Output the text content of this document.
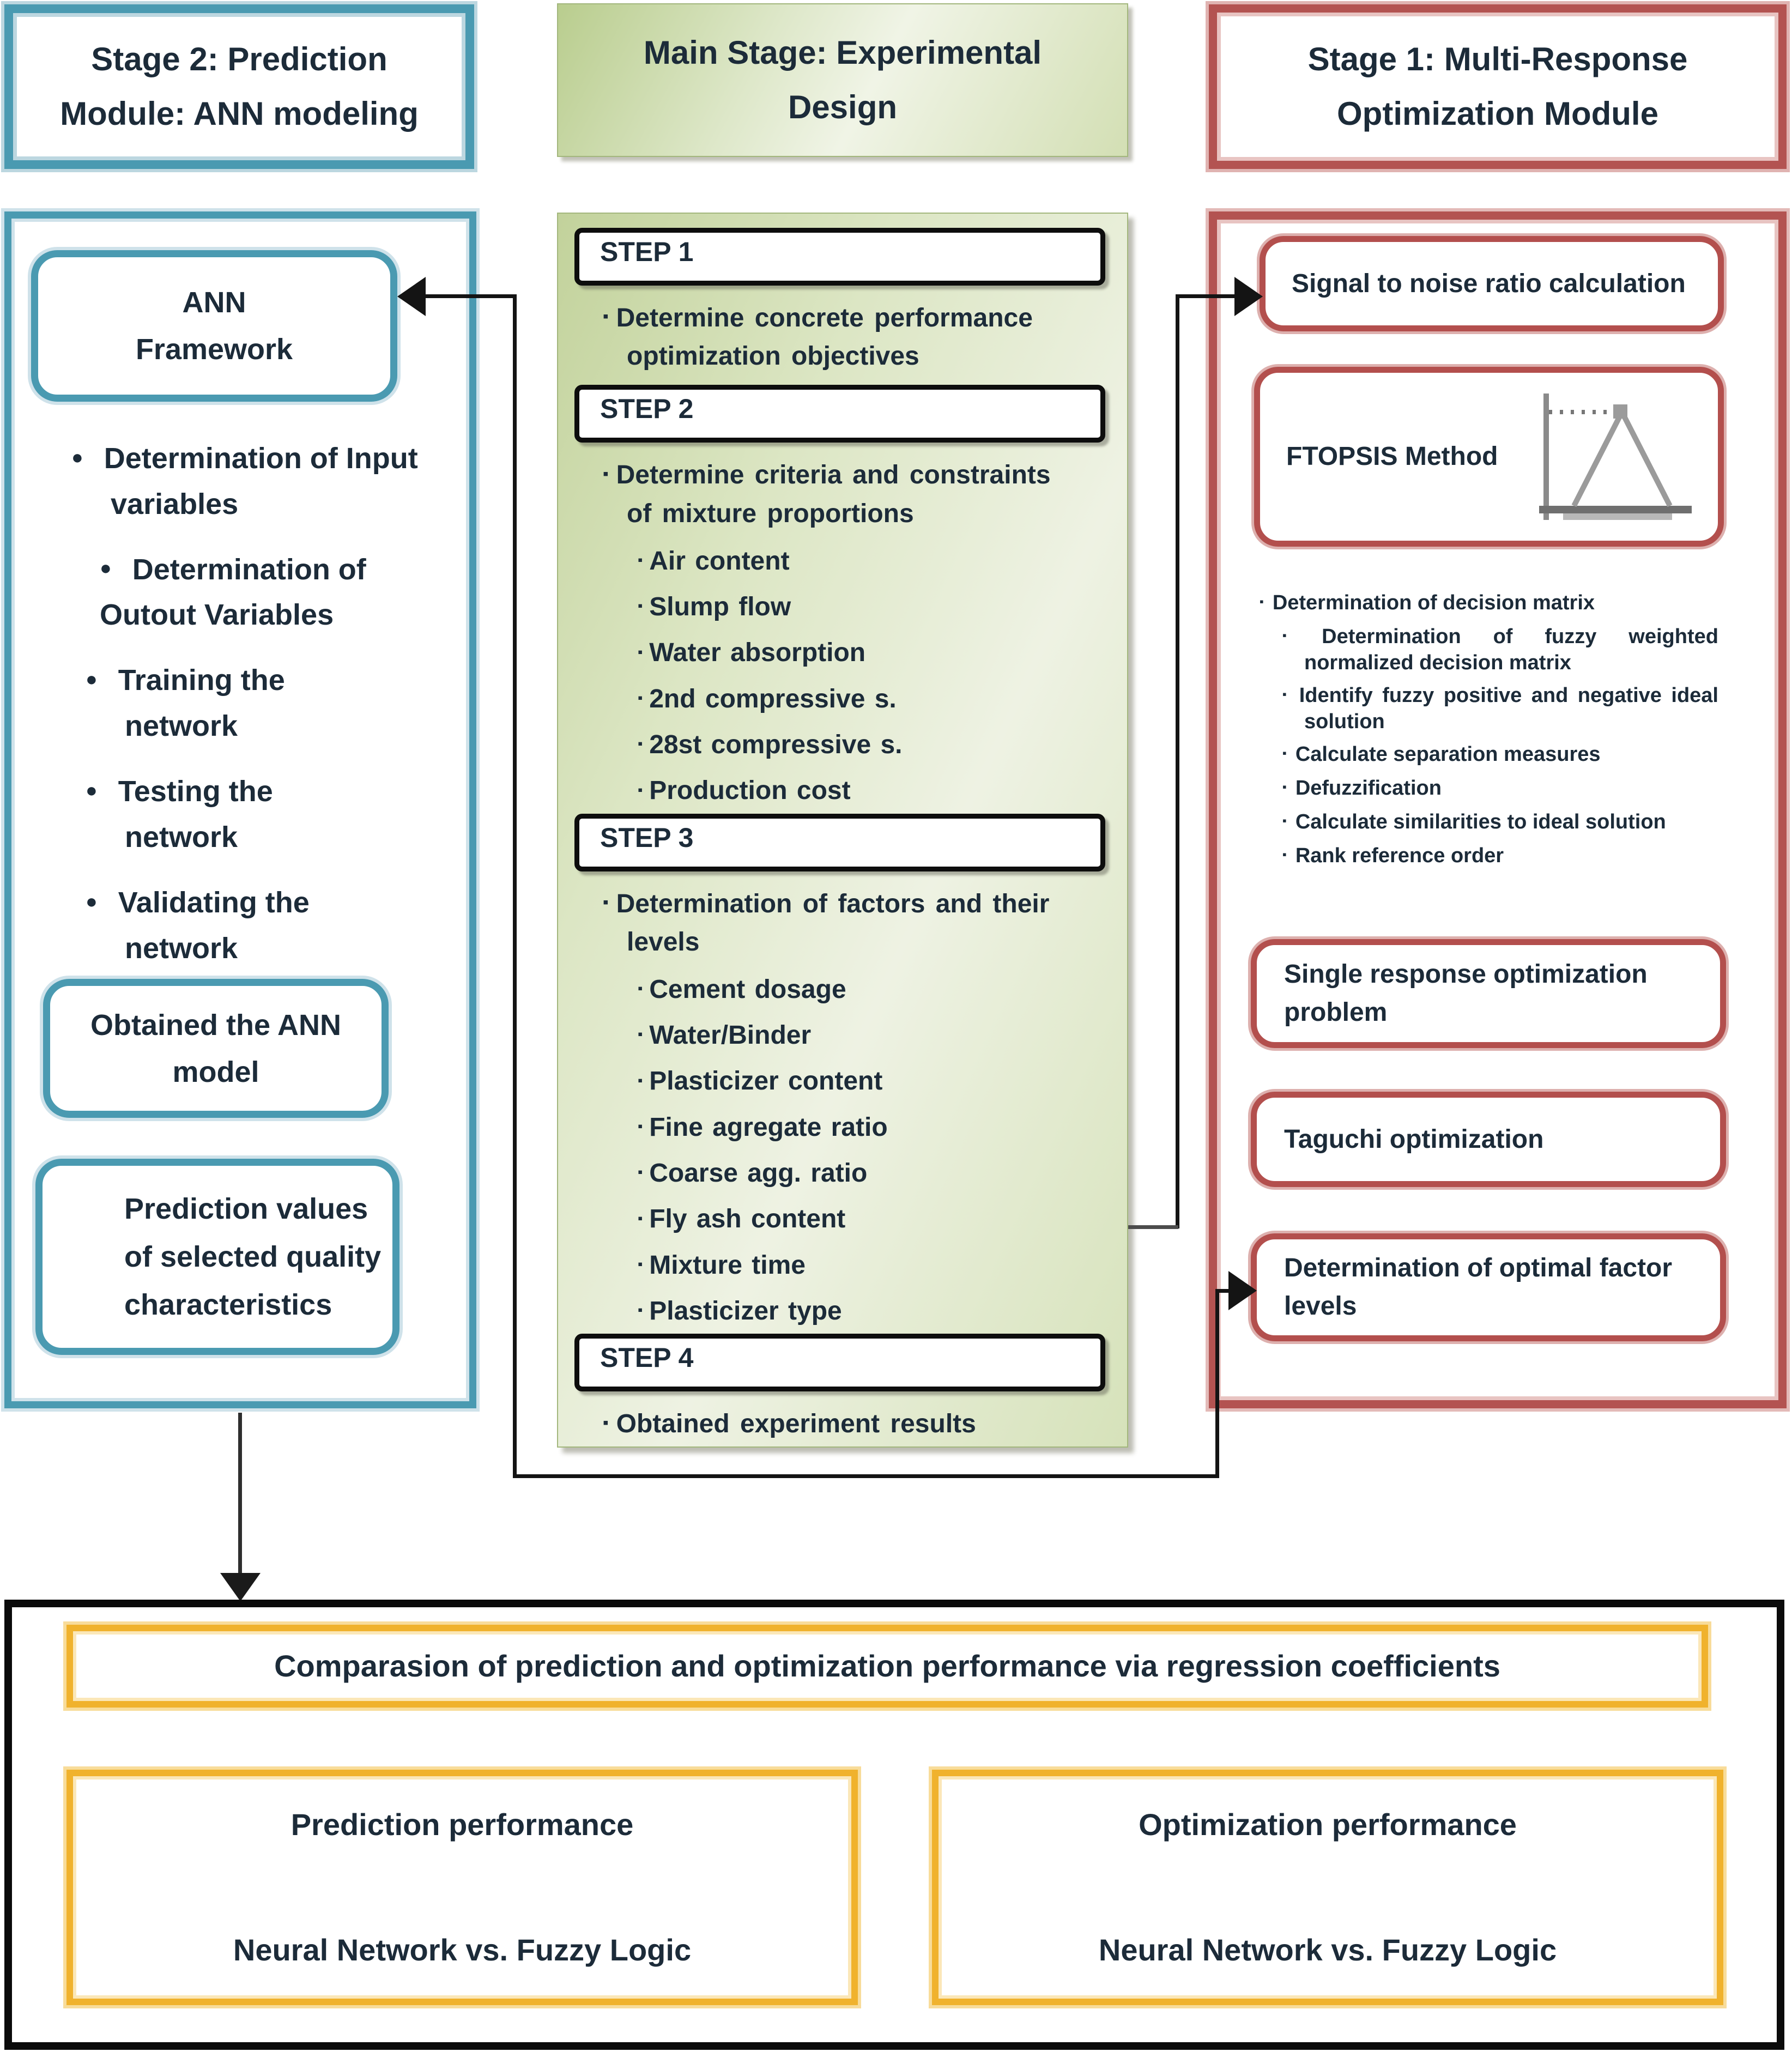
Stage 2: Prediction
Module: ANN modeling
Main Stage: Experimental
Design
Stage 1: Multi-Response
Optimization Module
ANN
Framework
● Determination of Input
variables
● Determination of
Outout Variables
● Training the
network
● Testing the
network
● Validating the
network
Obtained the ANN
model
Prediction values
of selected quality
characteristics
STEP 1
▪ Determine concrete performance
optimization objectives
STEP 2
▪ Determine criteria and constraints
of mixture proportions
▪ Air content
▪ Slump flow
▪ Water absorption
▪ 2nd compressive s.
▪ 28st compressive s.
▪ Production cost
STEP 3
▪ Determination of factors and their
levels
▪ Cement dosage
▪ Water/Binder
▪ Plasticizer content
▪ Fine agregate ratio
▪ Coarse agg. ratio
▪ Fly ash content
▪ Mixture time
▪ Plasticizer type
STEP 4
▪ Obtained experiment results
Signal to noise ratio calculation
FTOPSIS Method
▪ Determination of decision matrix
▪ Determination of fuzzy weighted normalized decision matrix
▪ Identify fuzzy positive and negative ideal solution
▪ Calculate separation measures
▪ Defuzzification
▪ Calculate similarities to ideal solution
▪ Rank reference order
Single response optimization problem
Taguchi optimization
Determination of optimal factor levels
Comparasion of prediction and optimization performance via regression coefficients
Prediction performance
Neural Network vs. Fuzzy Logic
Optimization performance
Neural Network vs. Fuzzy Logic
